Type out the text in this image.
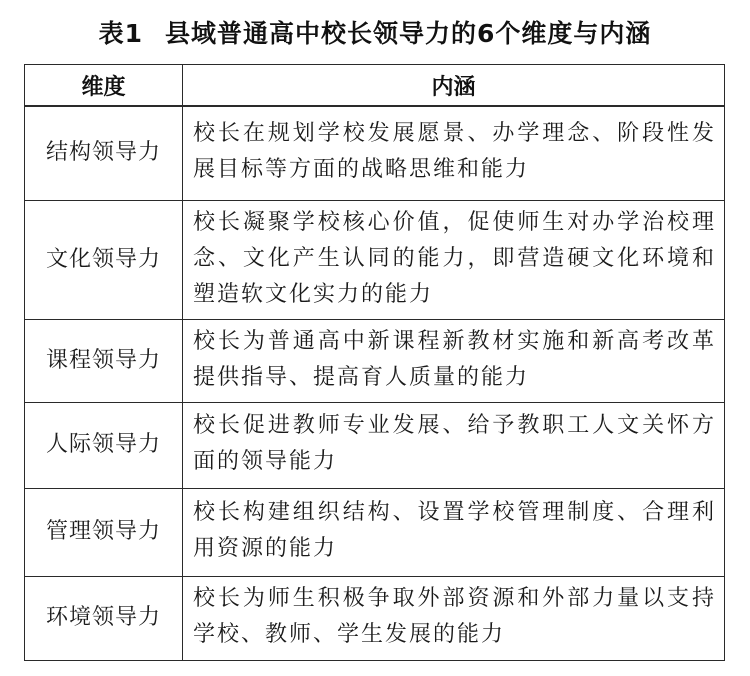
表1 县域普通高中校长领导力的6个维度与内涵
维度	内涵
结构领导力	校长在规划学校发展愿景、办学理念、阶段性发展目标等方面的战略思维和能力
文化领导力	校长凝聚学校核心价值，促使师生对办学治校理念、文化产生认同的能力，即营造硬文化环境和塑造软文化实力的能力
课程领导力	校长为普通高中新课程新教材实施和新高考改革提供指导、提高育人质量的能力
人际领导力	校长促进教师专业发展、给予教职工人文关怀方面的领导能力
管理领导力	校长构建组织结构、设置学校管理制度、合理利用资源的能力
环境领导力	校长为师生积极争取外部资源和外部力量以支持学校、教师、学生发展的能力
